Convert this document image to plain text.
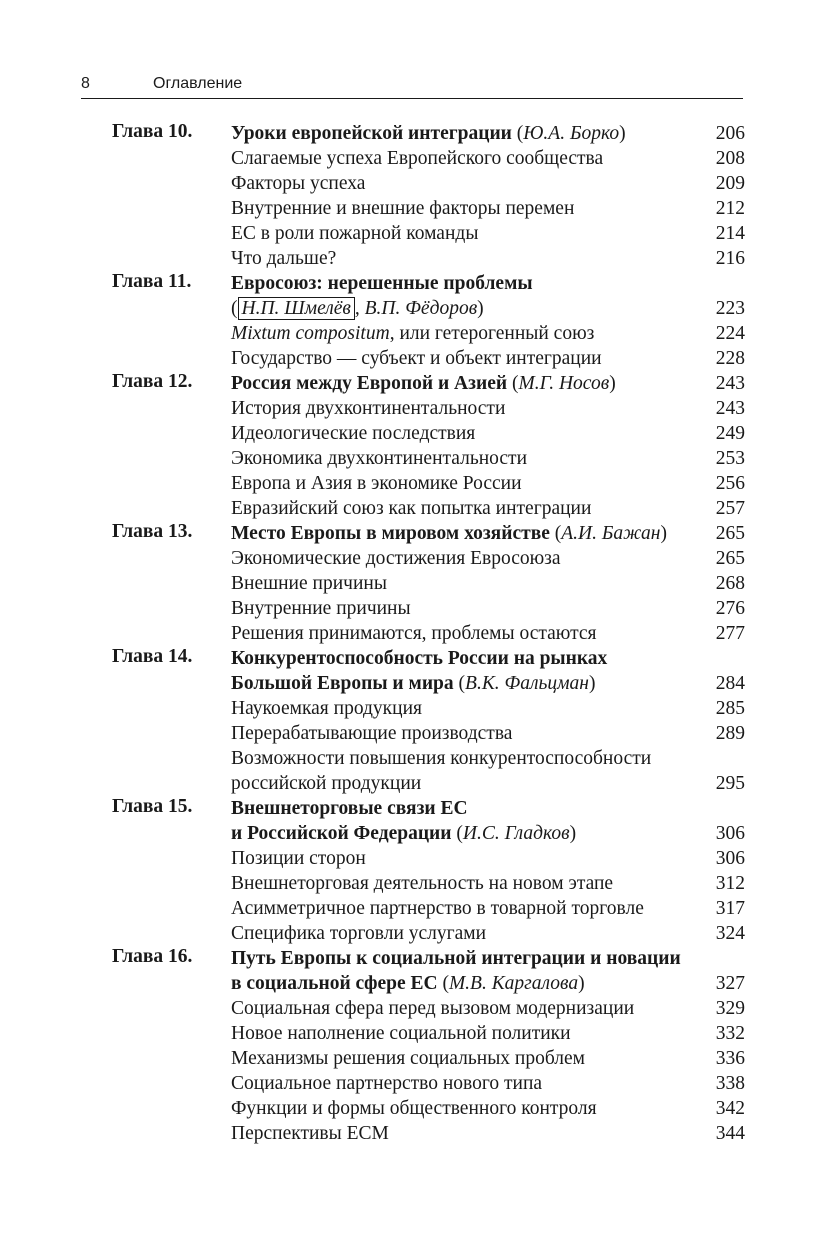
8	Оглавление
Глава 10.	Уроки европейской интеграции (Ю.А. Борко)	206
Слагаемые успеха Европейского сообщества	208
Факторы успеха	209
Внутренние и внешние факторы перемен	212
ЕС в роли пожарной команды	214
Что дальше?	216
Глава 11.	Евросоюз: нерешенные проблемы
( Н.П. Шмелёв , В.П. Фёдоров)	223
Mixtum compositum, или гетерогенный союз	224
Государство — субъект и объект интеграции	228
Глава 12.	Россия между Европой и Азией (М.Г. Носов)	243
История двухконтинентальности	243
Идеологические последствия	249
Экономика двухконтинентальности	253
Европа и Азия в экономике России	256
Евразийский союз как попытка интеграции	257
Глава 13.	Место Европы в мировом хозяйстве (А.И. Бажан)	265
Экономические достижения Евросоюза	265
Внешние причины	268
Внутренние причины	276
Решения принимаются, проблемы остаются	277
Глава 14.	Конкурентоспособность России на рынках
Большой Европы и мира (В.К. Фальцман)	284
Наукоемкая продукция	285
Перерабатывающие производства	289
Возможности повышения конкурентоспособности
российской продукции	295
Глава 15.	Внешнеторговые связи ЕС
и Российской Федерации (И.С. Гладков)	306
Позиции сторон	306
Внешнеторговая деятельность на новом этапе	312
Асимметричное партнерство в товарной торговле	317
Специфика торговли услугами	324
Глава 16.	Путь Европы к социальной интеграции и новации
в социальной сфере ЕС (М.В. Каргалова)	327
Социальная сфера перед вызовом модернизации	329
Новое наполнение социальной политики	332
Механизмы решения социальных проблем	336
Социальное партнерство нового типа	338
Функции и формы общественного контроля	342
Перспективы ЕСМ	344
